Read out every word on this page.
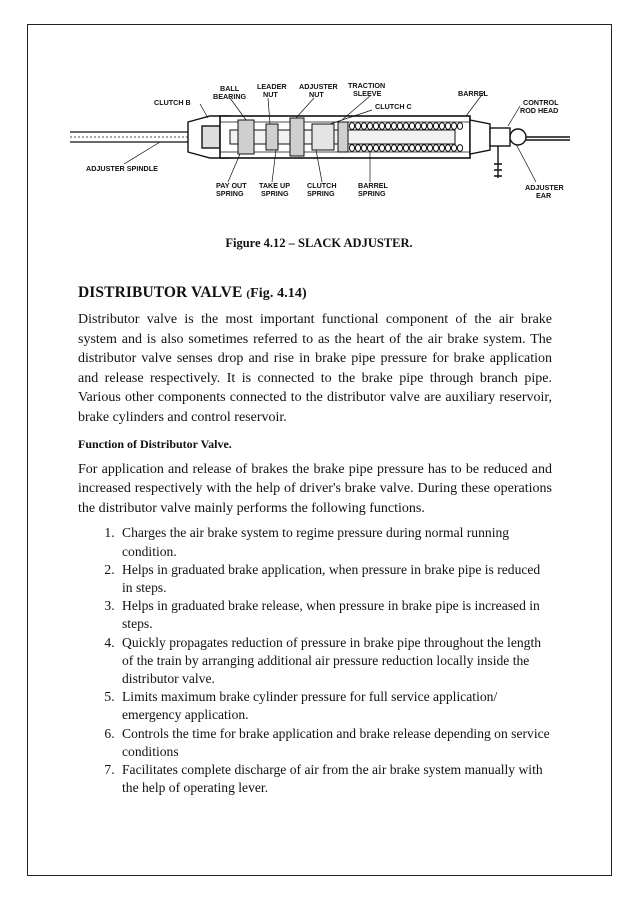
CLUTCH B
BALL
BEARING
LEADER
NUT
ADJUSTER
NUT
TRACTION
SLEEVE	BARREL
CLUTCH C	CONTROL
ROD HEAD
ADJUSTER SPINDLE
PAY OUT
SPRING
TAKE UP
SPRING
CLUTCH
SPRING
BARREL
SPRING
ADJUSTER
EAR
Figure 4.12 – SLACK ADJUSTER.
DISTRIBUTOR VALVE (Fig. 4.14)

Distributor valve is the most important functional component of the air brake system and is also sometimes referred to as the heart of the air brake system. The distributor valve senses drop and rise in brake pipe pressure for brake application and release respectively. It is connected to the brake pipe through branch pipe. Various other components connected to the distributor valve are auxiliary reservoir, brake cylinders and control reservoir.

Function of Distributor Valve.

For application and release of brakes the brake pipe pressure has to be reduced and increased respectively with the help of driver's brake valve. During these operations the distributor valve mainly performs the following functions.

1. Charges the air brake system to regime pressure during normal running condition.
2. Helps in graduated brake application, when pressure in brake pipe is reduced in steps.
3. Helps in graduated brake release, when pressure in brake pipe is increased in steps.
4. Quickly propagates reduction of pressure in brake pipe throughout the length of the train by arranging additional air pressure reduction locally inside the distributor valve.
5. Limits maximum brake cylinder pressure for full service application/ emergency application.
6. Controls the time for brake application and brake release depending on service conditions
7. Facilitates complete discharge of air from the air brake system manually with the help of operating lever.
